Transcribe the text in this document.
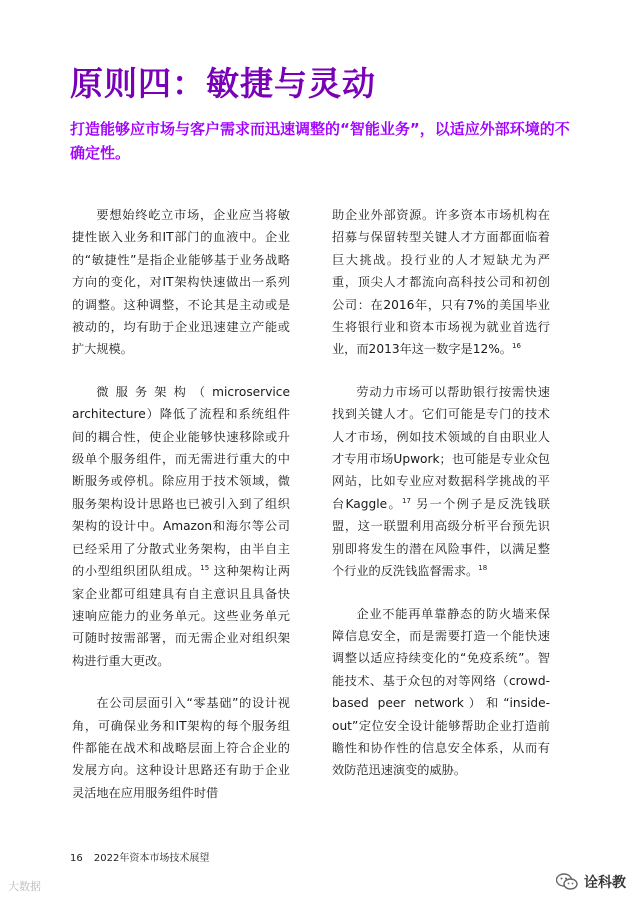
原则四：敏捷与灵动

打造能够应市场与客户需求而迅速调整的“智能业务”，以适应外部环境的不确定性。

要想始终屹立市场，企业应当将敏捷性嵌入业务和IT部门的血液中。企业的“敏捷性”是指企业能够基于业务战略方向的变化，对IT架构快速做出一系列的调整。这种调整，不论其是主动或是被动的，均有助于企业迅速建立产能或扩大规模。

微服务架构（microservice architecture）降低了流程和系统组件间的耦合性，使企业能够快速移除或升级单个服务组件，而无需进行重大的中断服务或停机。除应用于技术领域，微服务架构设计思路也已被引入到了组织架构的设计中。Amazon和海尔等公司已经采用了分散式业务架构，由半自主的小型组织团队组成。$^{15}$ 这种架构让两家企业都可组建具有自主意识且具备快速响应能力的业务单元。这些业务单元可随时按需部署，而无需企业对组织架构进行重大更改。

在公司层面引入“零基础”的设计视角，可确保业务和IT架构的每个服务组件都能在战术和战略层面上符合企业的发展方向。这种设计思路还有助于企业灵活地在应用服务组件时借

助企业外部资源。许多资本市场机构在招募与保留转型关键人才方面都面临着巨大挑战。投行业的人才短缺尤为严重，顶尖人才都流向高科技公司和初创公司：在2016年，只有7%的美国毕业生将银行业和资本市场视为就业首选行业，而2013年这一数字是12%。$^{16}$

劳动力市场可以帮助银行按需快速找到关键人才。它们可能是专门的技术人才市场，例如技术领域的自由职业人才专用市场Upwork；也可能是专业众包网站，比如专业应对数据科学挑战的平台Kaggle。$^{17}$ 另一个例子是反洗钱联盟，这一联盟利用高级分析平台预先识别即将发生的潜在风险事件，以满足整个行业的反洗钱监督需求。$^{18}$

企业不能再单靠静态的防火墙来保障信息安全，而是需要打造一个能快速调整以适应持续变化的“免疫系统”。智能技术、基于众包的对等网络（crowd-based peer network）和“inside-out”定位安全设计能够帮助企业打造前瞻性和协作性的信息安全体系，从而有效防范迅速演变的威胁。

16 2022年资本市场技术展望
大数据	诠科教
